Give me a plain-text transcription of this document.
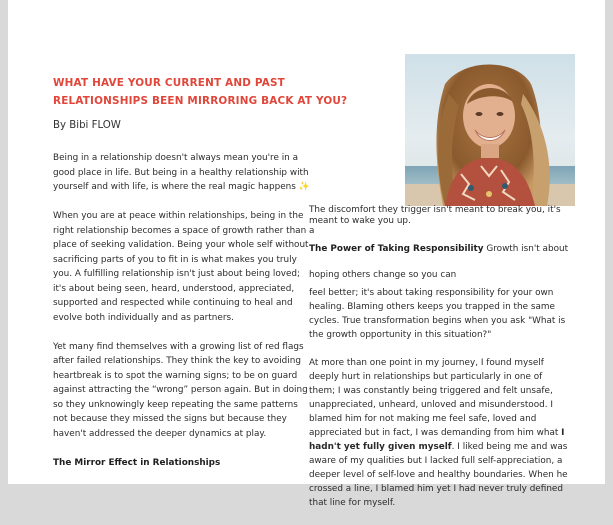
WHAT HAVE YOUR CURRENT AND PAST RELATIONSHIPS BEEN MIRRORING BACK AT YOU?
By Bibi FLOW

Being in a relationship doesn't always mean you're in a good place in life. But being in a healthy relationship with yourself and with life, is where the real magic happens ✨

When you are at peace within relationships, being in the right relationship becomes a space of growth rather than a place of seeking validation. Being your whole self without sacrificing parts of you to fit in is what makes you truly you. A fulfilling relationship isn't just about being loved; it's about being seen, heard, understood, appreciated, supported and respected while continuing to heal and evolve both individually and as partners.

Yet many find themselves with a growing list of red flags after failed relationships. They think the key to avoiding heartbreak is to spot the warning signs; to be on guard against attracting the “wrong” person again. But in doing so they unknowingly keep repeating the same patterns not because they missed the signs but because they haven't addressed the deeper dynamics at play.

The Mirror Effect in Relationships

The discomfort they trigger isn't meant to break you, it's meant to wake you up.

The Power of Taking Responsibility Growth isn't about

hoping others change so you can

feel better; it's about taking responsibility for your own healing. Blaming others keeps you trapped in the same cycles. True transformation begins when you ask "What is the growth opportunity in this situation?"

At more than one point in my journey, I found myself deeply hurt in relationships but particularly in one of them; I was constantly being triggered and felt unsafe, unappreciated, unheard, unloved and misunderstood. I blamed him for not making me feel safe, loved and appreciated but in fact, I was demanding from him what I hadn't yet fully given myself. I liked being me and was aware of my qualities but I lacked full self-appreciation, a deeper level of self-love and healthy boundaries. When he crossed a line, I blamed him yet I had never truly defined that line for myself.
